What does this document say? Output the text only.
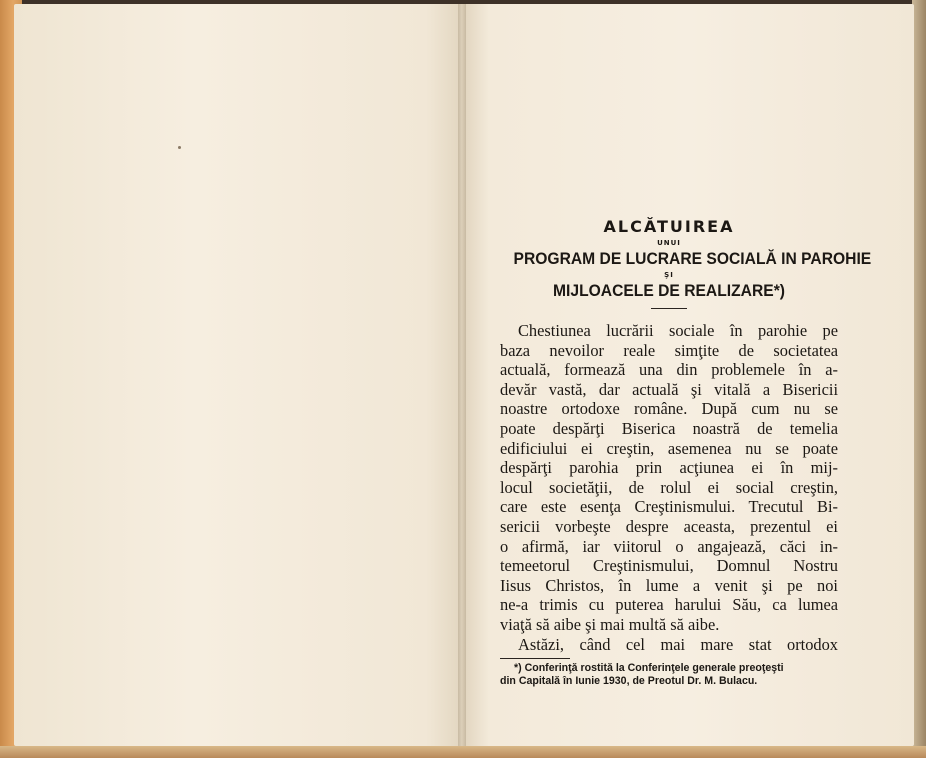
ALCĂTUIREA

UNUI

PROGRAM DE LUCRARE SOCIALĂ IN PAROHIE

ŞI

MIJLOACELE DE REALIZARE*)

Chestiunea lucrării sociale în parohie pe
baza nevoilor reale simţite de societatea
actuală, formează una din problemele în a-
devăr vastă, dar actuală şi vitală a Bisericii
noastre ortodoxe române. După cum nu se
poate despărţi Biserica noastră de temelia
edificiului ei creştin, asemenea nu se poate
despărţi parohia prin acţiunea ei în mij-
locul societăţii, de rolul ei social creştin,
care este esenţa Creştinismului. Trecutul Bi-
sericii vorbeşte despre aceasta, prezentul ei
o afirmă, iar viitorul o angajează, căci in-
temeetorul Creştinismului, Domnul Nostru
Iisus Christos, în lume a venit şi pe noi
ne-a trimis cu puterea harului Său, ca lumea
viaţă să aibe şi mai multă să aibe.
Astăzi, când cel mai mare stat ortodox
*) Conferinţă rostită la Conferinţele generale preoţeşti
din Capitală în Iunie 1930, de Preotul Dr. M. Bulacu.
